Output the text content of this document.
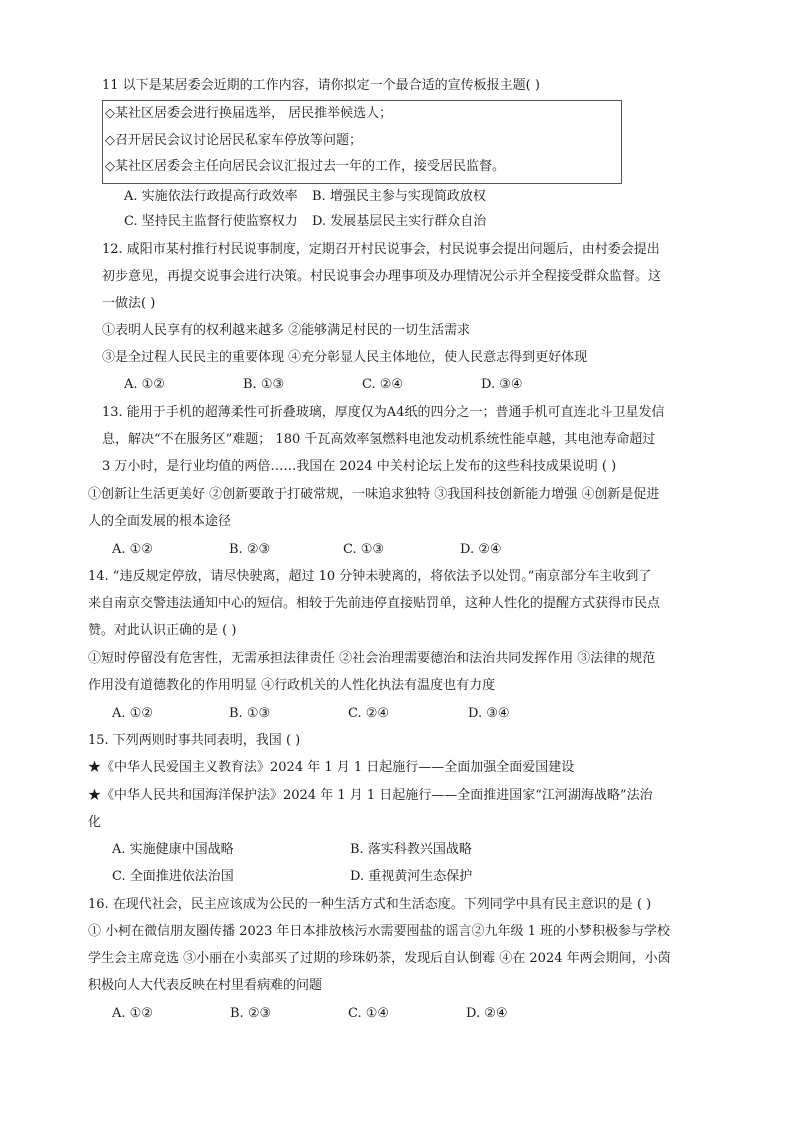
11 以下是某居委会近期的工作内容，请你拟定一个最合适的宣传板报主题( )
◇某社区居委会进行换届选举， 居民推举候选人；
◇召开居民会议讨论居民私家车停放等问题；
◇某社区居委会主任向居民会议汇报过去一年的工作，接受居民监督。
A. 实施依法行政提高行政效率 B. 增强民主参与实现简政放权
C. 坚持民主监督行使监察权力 D. 发展基层民主实行群众自治
12. 咸阳市某村推行村民说事制度，定期召开村民说事会，村民说事会提出问题后，由村委会提出
初步意见，再提交说事会进行决策。村民说事会办理事项及办理情况公示并全程接受群众监督。这
一做法( )
①表明人民享有的权利越来越多 ②能够满足村民的一切生活需求
③是全过程人民民主的重要体现 ④充分彰显人民主体地位，使人民意志得到更好体现
A. ①②	B. ①③	C. ②④	D. ③④
13. 能用于手机的超薄柔性可折叠玻璃，厚度仅为A4纸的四分之一；普通手机可直连北斗卫星发信
息，解决“不在服务区”难题； 180 千瓦高效率氢燃料电池发动机系统性能卓越，其电池寿命超过
3 万小时，是行业均值的两倍……我国在 2024 中关村论坛上发布的这些科技成果说明 ( )
①创新让生活更美好 ②创新要敢于打破常规，一味追求独特 ③我国科技创新能力增强 ④创新是促进
人的全面发展的根本途径
A. ①②	B. ②③	C. ①③	D. ②④
14. “违反规定停放，请尽快驶离，超过 10 分钟未驶离的，将依法予以处罚。”南京部分车主收到了
来自南京交警违法通知中心的短信。相较于先前违停直接贴罚单，这种人性化的提醒方式获得市民点
赞。对此认识正确的是 ( )
①短时停留没有危害性，无需承担法律责任 ②社会治理需要德治和法治共同发挥作用 ③法律的规范
作用没有道德教化的作用明显 ④行政机关的人性化执法有温度也有力度
A. ①②	B. ①③	C. ②④	D. ③④
15. 下列两则时事共同表明，我国 ( )
★《中华人民爱国主义教育法》2024 年 1 月 1 日起施行——全面加强全面爱国建设
★《中华人民共和国海洋保护法》2024 年 1 月 1 日起施行——全面推进国家“江河湖海战略”法治
化
A. 实施健康中国战略	B. 落实科教兴国战略
C. 全面推进依法治国	D. 重视黄河生态保护
16. 在现代社会，民主应该成为公民的一种生活方式和生活态度。下列同学中具有民主意识的是 ( )
① 小柯在微信朋友圈传播 2023 年日本排放核污水需要囤盐的谣言②九年级 1 班的小梦积极参与学校
学生会主席竞选 ③小丽在小卖部买了过期的珍珠奶茶，发现后自认倒霉 ④在 2024 年两会期间，小茵
积极向人大代表反映在村里看病难的问题
A. ①②	B. ②③	C. ①④	D. ②④
